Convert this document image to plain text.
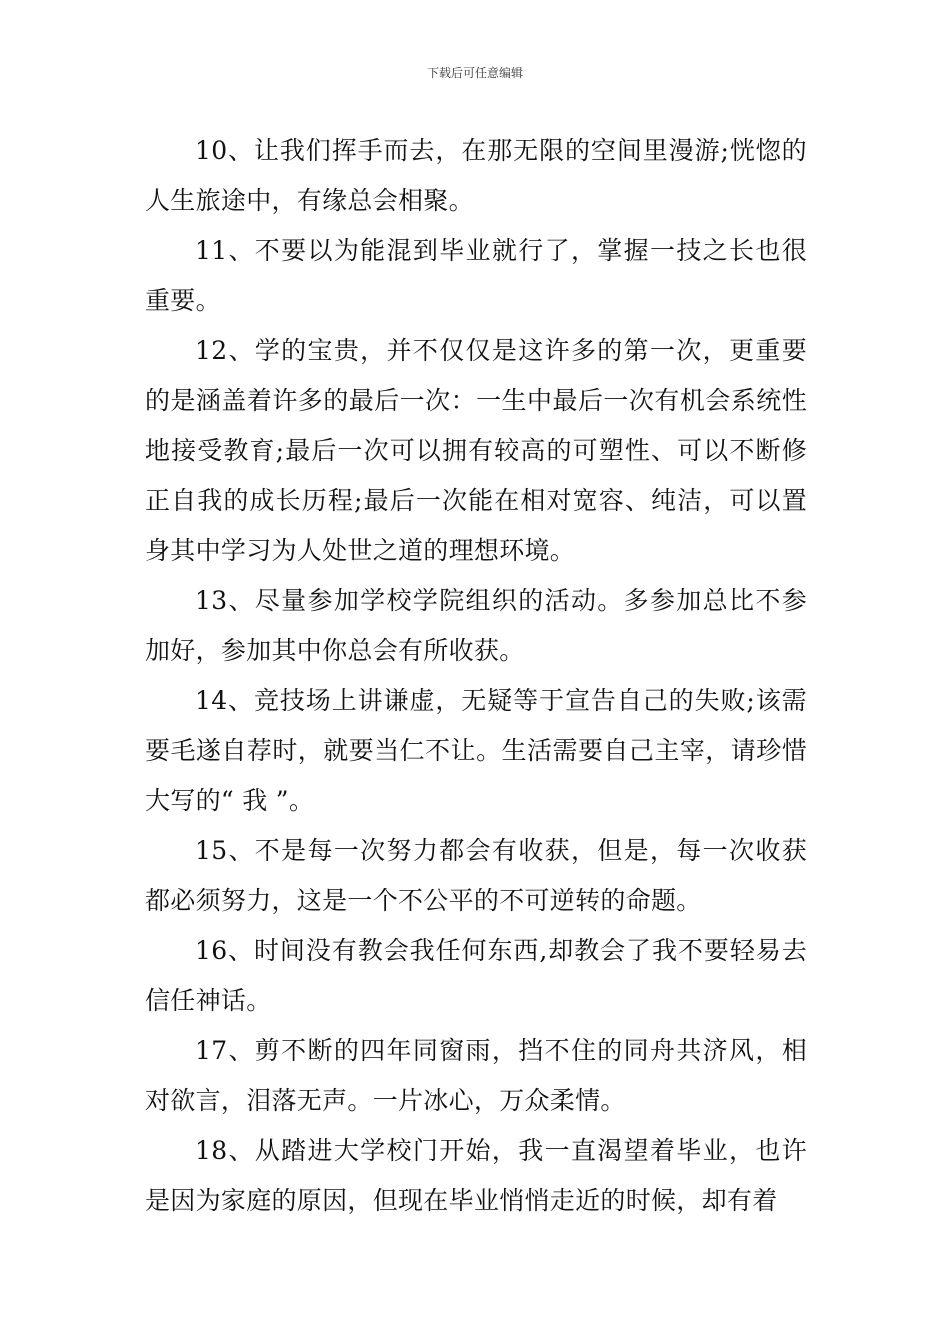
下载后可任意编辑

10、让我们挥手而去，在那无限的空间里漫游;恍惚的人生旅途中，有缘总会相聚。

11、不要以为能混到毕业就行了，掌握一技之长也很重要。

12、学的宝贵，并不仅仅是这许多的第一次，更重要的是涵盖着许多的最后一次：一生中最后一次有机会系统性地接受教育;最后一次可以拥有较高的可塑性、可以不断修正自我的成长历程;最后一次能在相对宽容、纯洁，可以置身其中学习为人处世之道的理想环境。

13、尽量参加学校学院组织的活动。多参加总比不参加好，参加其中你总会有所收获。

14、竞技场上讲谦虚，无疑等于宣告自己的失败;该需要毛遂自荐时，就要当仁不让。生活需要自己主宰，请珍惜大写的“ 我 ”。

15、不是每一次努力都会有收获，但是，每一次收获都必须努力，这是一个不公平的不可逆转的命题。

16、时间没有教会我任何东西,却教会了我不要轻易去信任神话。

17、剪不断的四年同窗雨，挡不住的同舟共济风，相对欲言，泪落无声。一片冰心，万众柔情。

18、从踏进大学校门开始，我一直渴望着毕业，也许是因为家庭的原因，但现在毕业悄悄走近的时候，却有着
